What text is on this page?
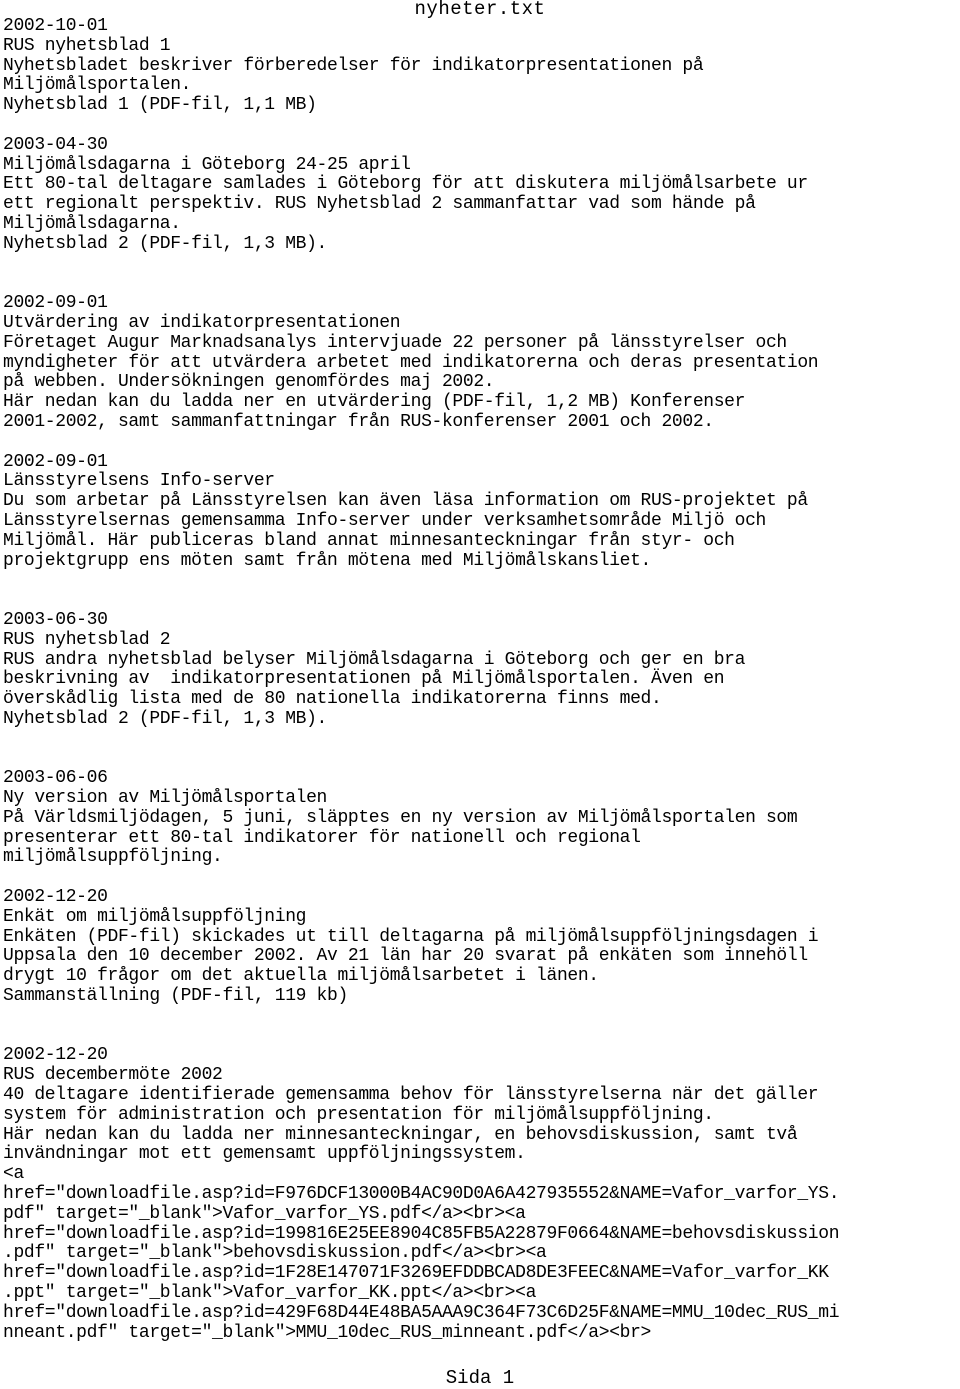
nyheter.txt
2002-10-01
RUS nyhetsblad 1
Nyhetsbladet beskriver förberedelser för indikatorpresentationen på
Miljömålsportalen.
Nyhetsblad 1 (PDF-fil, 1,1 MB)

2003-04-30
Miljömålsdagarna i Göteborg 24-25 april
Ett 80-tal deltagare samlades i Göteborg för att diskutera miljömålsarbete ur
ett regionalt perspektiv. RUS Nyhetsblad 2 sammanfattar vad som hände på
Miljömålsdagarna.
Nyhetsblad 2 (PDF-fil, 1,3 MB).

2002-09-01
Utvärdering av indikatorpresentationen
Företaget Augur Marknadsanalys intervjuade 22 personer på länsstyrelser och
myndigheter för att utvärdera arbetet med indikatorerna och deras presentation
på webben. Undersökningen genomfördes maj 2002.
Här nedan kan du ladda ner en utvärdering (PDF-fil, 1,2 MB) Konferenser
2001-2002, samt sammanfattningar från RUS-konferenser 2001 och 2002.

2002-09-01
Länsstyrelsens Info-server
Du som arbetar på Länsstyrelsen kan även läsa information om RUS-projektet på
Länsstyrelsernas gemensamma Info-server under verksamhetsområde Miljö och
Miljömål. Här publiceras bland annat minnesanteckningar från styr- och
projektgrupp ens möten samt från mötena med Miljömålskansliet.

2003-06-30
RUS nyhetsblad 2
RUS andra nyhetsblad belyser Miljömålsdagarna i Göteborg och ger en bra
beskrivning av  indikatorpresentationen på Miljömålsportalen. Även en
överskådlig lista med de 80 nationella indikatorerna finns med.
Nyhetsblad 2 (PDF-fil, 1,3 MB).

2003-06-06
Ny version av Miljömålsportalen
På Världsmiljödagen, 5 juni, släpptes en ny version av Miljömålsportalen som
presenterar ett 80-tal indikatorer för nationell och regional
miljömålsuppföljning.

2002-12-20
Enkät om miljömålsuppföljning
Enkäten (PDF-fil) skickades ut till deltagarna på miljömålsuppföljningsdagen i
Uppsala den 10 december 2002. Av 21 län har 20 svarat på enkäten som innehöll
drygt 10 frågor om det aktuella miljömålsarbetet i länen.
Sammanställning (PDF-fil, 119 kb)

2002-12-20
RUS decembermöte 2002
40 deltagare identifierade gemensamma behov för länsstyrelserna när det gäller
system för administration och presentation för miljömålsuppföljning.
Här nedan kan du ladda ner minnesanteckningar, en behovsdiskussion, samt två
invändningar mot ett gemensamt uppföljningssystem.
<a
href="downloadfile.asp?id=F976DCF13000B4AC90D0A6A427935552&NAME=Vafor_varfor_YS.
pdf" target="_blank">Vafor_varfor_YS.pdf</a><br><a
href="downloadfile.asp?id=199816E25EE8904C85FB5A22879F0664&NAME=behovsdiskussion
.pdf" target="_blank">behovsdiskussion.pdf</a><br><a
href="downloadfile.asp?id=1F28E147071F3269EFDDBCAD8DE3FEEC&NAME=Vafor_varfor_KK
.ppt" target="_blank">Vafor_varfor_KK.ppt</a><br><a
href="downloadfile.asp?id=429F68D44E48BA5AAA9C364F73C6D25F&NAME=MMU_10dec_RUS_mi
nneant.pdf" target="_blank">MMU_10dec_RUS_minneant.pdf</a><br>
Sida 1
